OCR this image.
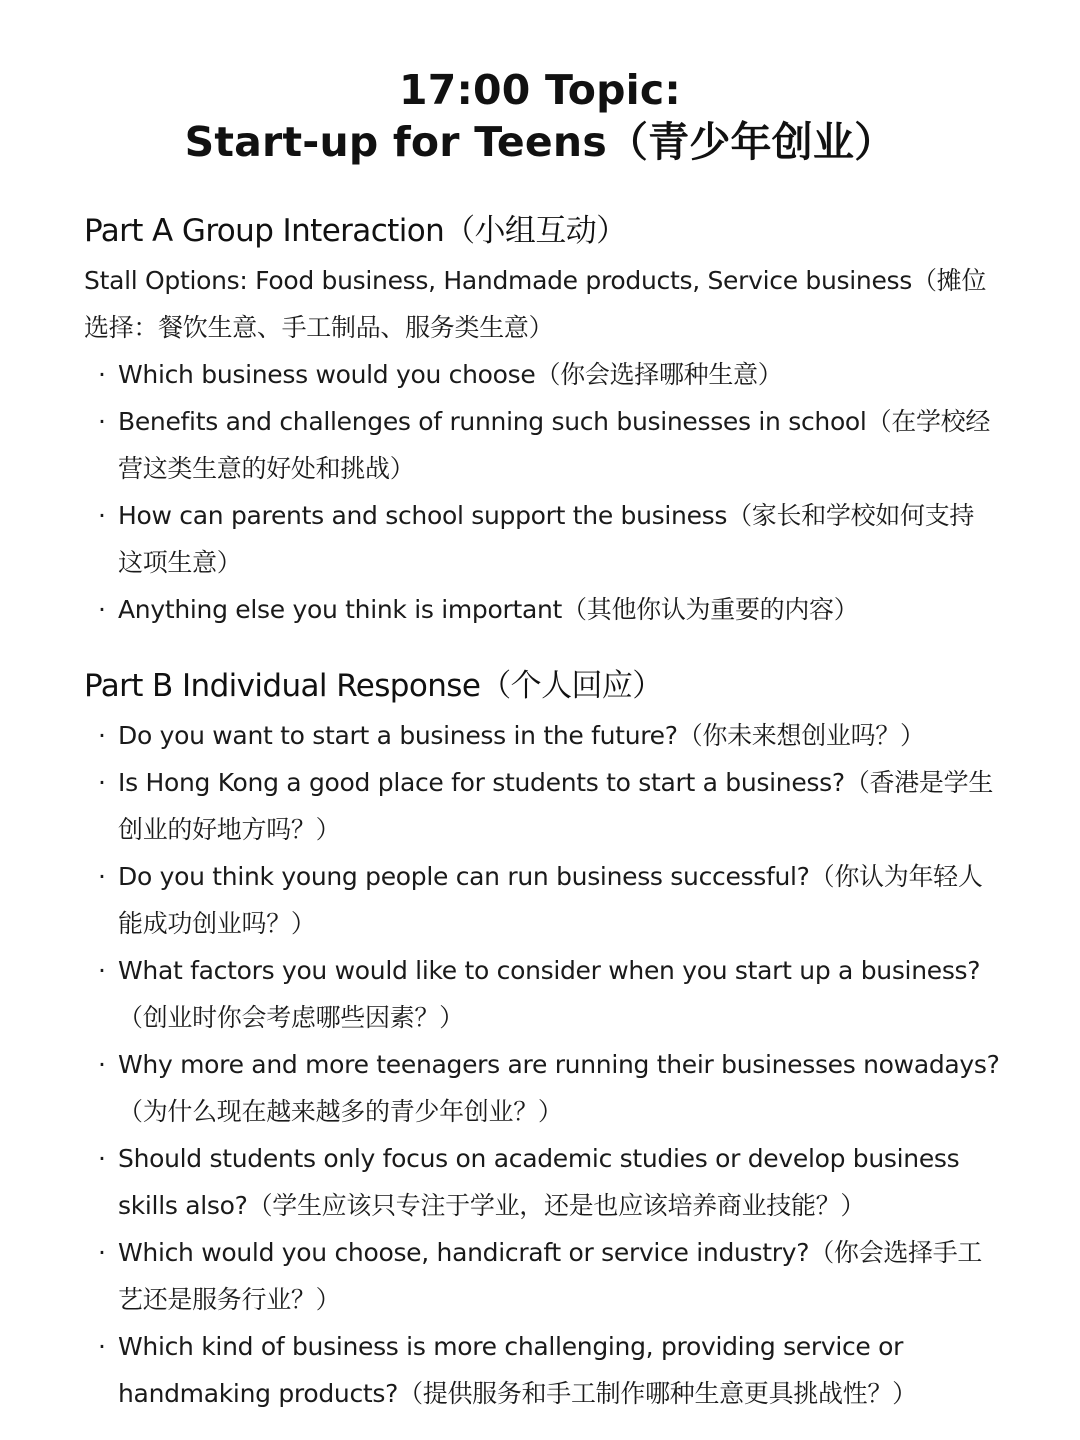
17:00 Topic:
Start-up for Teens（青少年创业）
Part A Group Interaction（小组互动）
Stall Options: Food business, Handmade products, Service business（摊位
选择：餐饮生意、手工制品、服务类生意）
· Which business would you choose（你会选择哪种生意）
· Benefits and challenges of running such businesses in school（在学校经
营这类生意的好处和挑战）
· How can parents and school support the business（家长和学校如何支持
这项生意）
· Anything else you think is important（其他你认为重要的内容）
Part B Individual Response（个人回应）
· Do you want to start a business in the future?（你未来想创业吗？）
· Is Hong Kong a good place for students to start a business?（香港是学生
创业的好地方吗？）
· Do you think young people can run business successful?（你认为年轻人
能成功创业吗？）
· What factors you would like to consider when you start up a business?
（创业时你会考虑哪些因素？）
· Why more and more teenagers are running their businesses nowadays?
（为什么现在越来越多的青少年创业？）
· Should students only focus on academic studies or develop business
skills also?（学生应该只专注于学业，还是也应该培养商业技能？）
· Which would you choose, handicraft or service industry?（你会选择手工
艺还是服务行业？）
· Which kind of business is more challenging, providing service or
handmaking products?（提供服务和手工制作哪种生意更具挑战性？）
